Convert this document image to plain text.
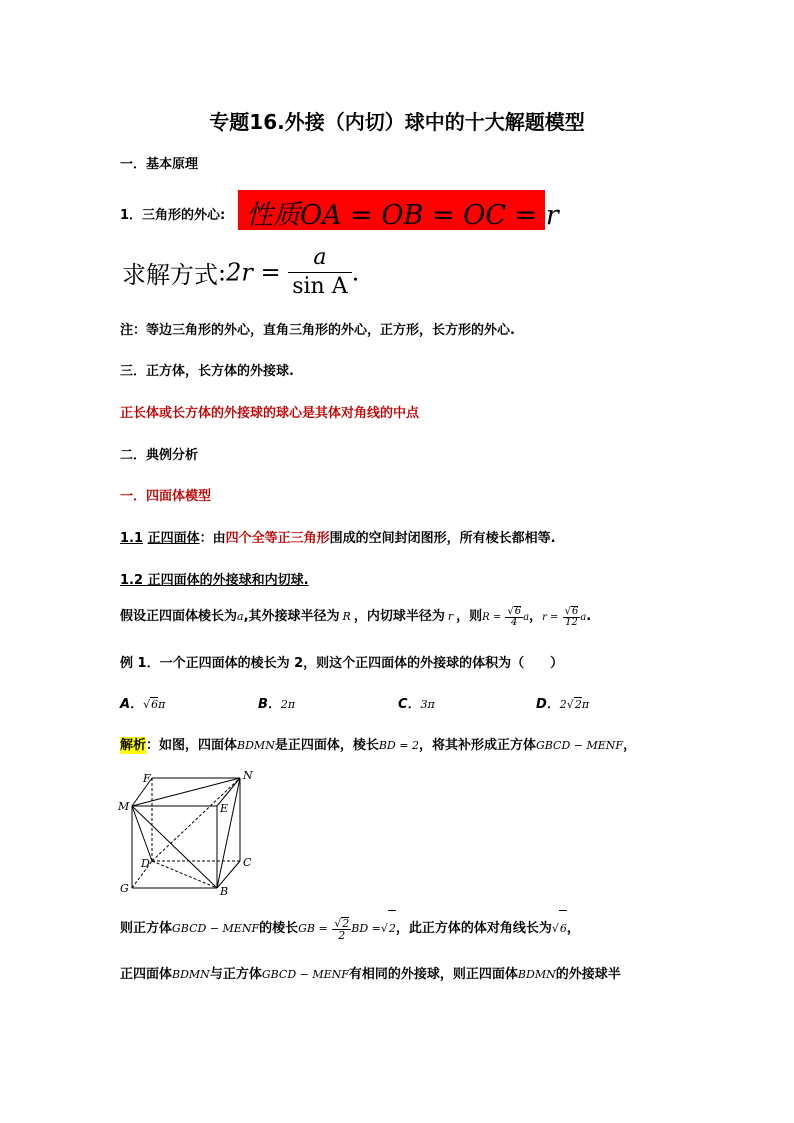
专题16.外接（内切）球中的十大解题模型
一．基本原理
1．三角形的外心: 性质OA = OB = OC = r
求解方式:2r = $\frac{a}{\text{sin A}}$ .
注：等边三角形的外心，直角三角形的外心，正方形，长方形的外心.
三．正方体，长方体的外接球.
正长体或长方体的外接球的球心是其体对角线的中点
二．典例分析
一．四面体模型
1.1 正四面体：由四个全等正三角形围成的空间封闭图形，所有棱长都相等.
1.2 正四面体的外接球和内切球.
假设正四面体棱长为a,其外接球半径为 R ，内切球半径为 r ，则$R = \frac{√6}{4}$ a，$r = \frac{√6}{12} a$.
例 1．一个正四面体的棱长为 2，则这个正四面体的外接球的体积为（　　）
A．√6π	B．2π	C．3π	D．2√2π
解析：如图，四面体BDMN是正四面体，棱长BD = 2，将其补形成正方体GBCD − MENF，
F	N
M	E
D	C
G	B
则正方体GBCD − MENF的棱长GB = $\frac{√2}{2}$ BD =√2，此正方体的体对角线长为√6，
正四面体BDMN与正方体GBCD − MENF有相同的外接球，则正四面体BDMN的外接球半
